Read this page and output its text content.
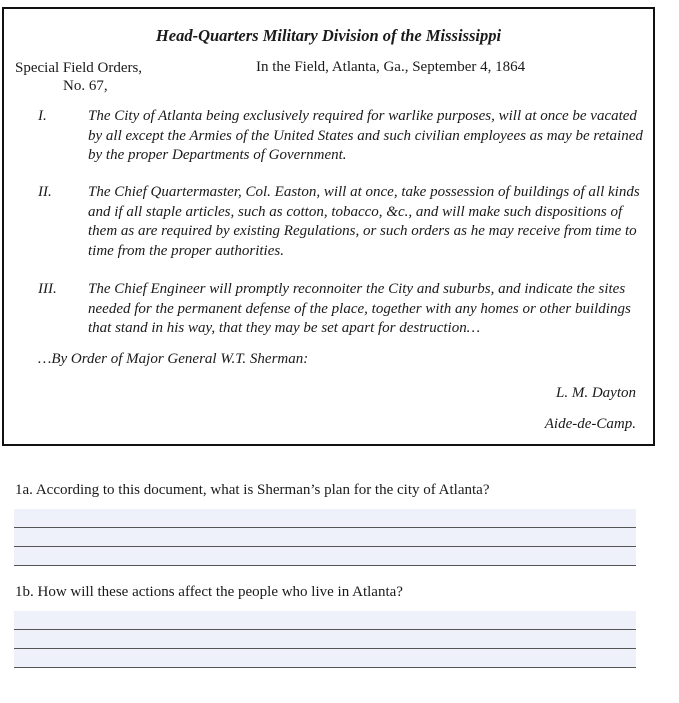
Head-Quarters Military Division of the Mississippi
Special Field Orders,
No. 67,
In the Field, Atlanta, Ga., September 4, 1864
I.	The City of Atlanta being exclusively required for warlike purposes, will at once be vacated by all except the Armies of the United States and such civilian employees as may be retained by the proper Departments of Government.
II. The Chief Quartermaster, Col. Easton, will at once, take possession of buildings of all kinds and if all staple articles, such as cotton, tobacco, &c., and will make such dispositions of them as are required by existing Regulations, or such orders as he may receive from time to time from the proper authorities.
III. The Chief Engineer will promptly reconnoiter the City and suburbs, and indicate the sites needed for the permanent defense of the place, together with any homes or other buildings that stand in his way, that they may be set apart for destruction…
…By Order of Major General W.T. Sherman:
L. M. Dayton
Aide-de-Camp.
1a. According to this document, what is Sherman’s plan for the city of Atlanta?
1b. How will these actions affect the people who live in Atlanta?
